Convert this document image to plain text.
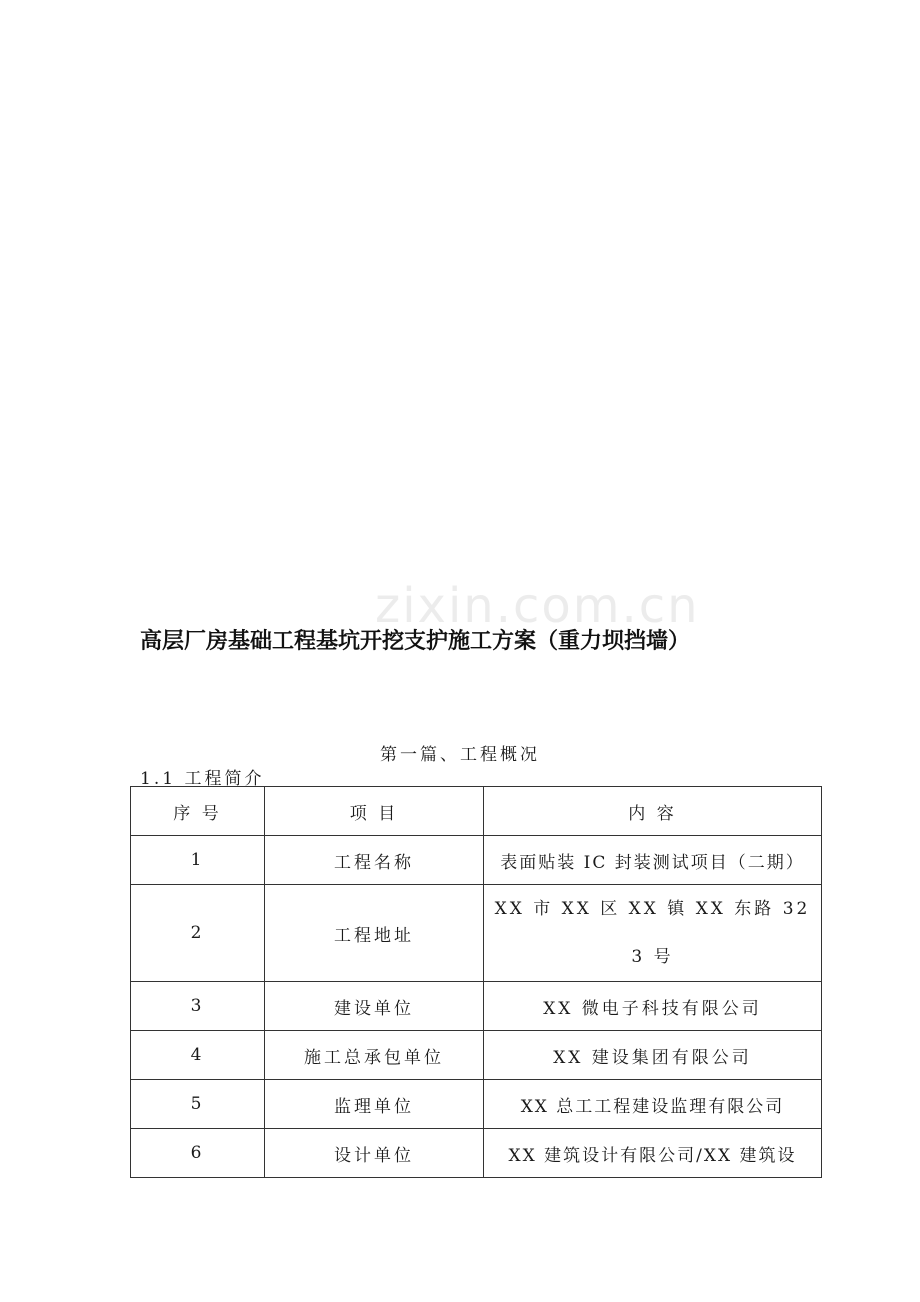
zixin.com.cn
高层厂房基础工程基坑开挖支护施工方案（重力坝挡墙）
第一篇、工程概况
1.1 工程简介
序 号	项 目	内 容
1	工程名称	表面贴装 IC 封装测试项目（二期）
2	工程地址	XX 市 XX 区 XX 镇 XX 东路 323 号
3	建设单位	XX 微电子科技有限公司
4	施工总承包单位	XX 建设集团有限公司
5	监理单位	XX 总工工程建设监理有限公司
6	设计单位	XX 建筑设计有限公司/XX 建筑设
